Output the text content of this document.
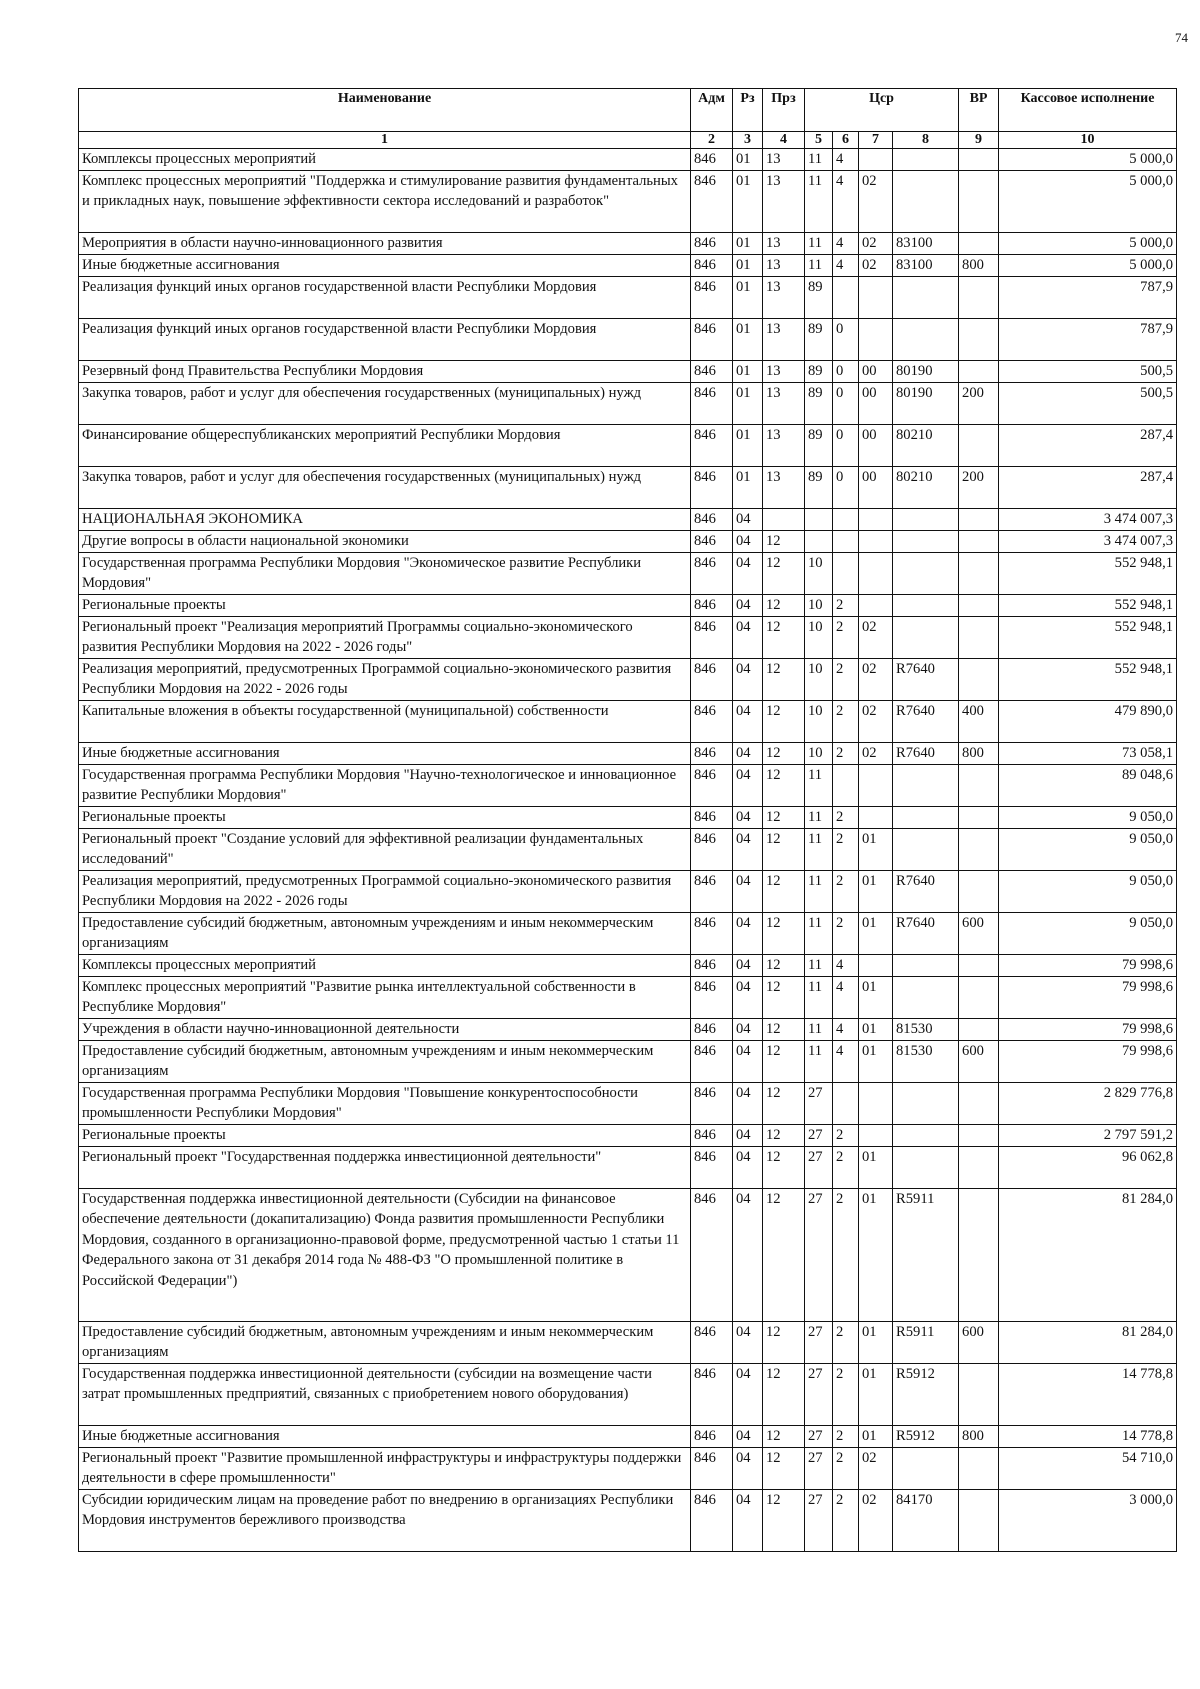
74
Наименование	Адм	Рз	Прз	Цср				ВР	Кассовое исполнение
1	2	3	4	5	6	7	8	9	10
Комплексы процессных мероприятий	846	01	13	11	4				5 000,0
Комплекс процессных мероприятий "Поддержка и стимулирование развития фундаментальных и прикладных наук, повышение эффективности сектора исследований и разработок"	846	01	13	11	4	02			5 000,0
Мероприятия в области научно-инновационного развития	846	01	13	11	4	02	83100		5 000,0
Иные бюджетные ассигнования	846	01	13	11	4	02	83100	800	5 000,0
Реализация функций иных органов государственной власти Республики Мордовия	846	01	13	89					787,9
Реализация функций иных органов государственной власти Республики Мордовия	846	01	13	89	0				787,9
Резервный фонд Правительства Республики Мордовия	846	01	13	89	0	00	80190		500,5
Закупка товаров, работ и услуг для обеспечения государственных (муниципальных) нужд	846	01	13	89	0	00	80190	200	500,5
Финансирование общереспубликанских мероприятий Республики Мордовия	846	01	13	89	0	00	80210		287,4
Закупка товаров, работ и услуг для обеспечения государственных (муниципальных) нужд	846	01	13	89	0	00	80210	200	287,4
НАЦИОНАЛЬНАЯ ЭКОНОМИКА	846	04							3 474 007,3
Другие вопросы в области национальной экономики	846	04	12						3 474 007,3
Государственная программа Республики Мордовия "Экономическое развитие Республики Мордовия"	846	04	12	10					552 948,1
Региональные проекты	846	04	12	10	2				552 948,1
Региональный проект "Реализация мероприятий Программы социально-экономического развития Республики Мордовия на 2022 - 2026 годы"	846	04	12	10	2	02			552 948,1
Реализация мероприятий, предусмотренных Программой социально-экономического развития Республики Мордовия на 2022 - 2026 годы	846	04	12	10	2	02	R7640		552 948,1
Капитальные вложения в объекты государственной (муниципальной) собственности	846	04	12	10	2	02	R7640	400	479 890,0
Иные бюджетные ассигнования	846	04	12	10	2	02	R7640	800	73 058,1
Государственная программа Республики Мордовия "Научно-технологическое и инновационное развитие Республики Мордовия"	846	04	12	11					89 048,6
Региональные проекты	846	04	12	11	2				9 050,0
Региональный проект "Создание условий для эффективной реализации фундаментальных исследований"	846	04	12	11	2	01			9 050,0
Реализация мероприятий, предусмотренных Программой социально-экономического развития Республики Мордовия на 2022 - 2026 годы	846	04	12	11	2	01	R7640		9 050,0
Предоставление субсидий бюджетным, автономным учреждениям и иным некоммерческим организациям	846	04	12	11	2	01	R7640	600	9 050,0
Комплексы процессных мероприятий	846	04	12	11	4				79 998,6
Комплекс процессных мероприятий "Развитие рынка интеллектуальной собственности в Республике Мордовия"	846	04	12	11	4	01			79 998,6
Учреждения в области научно-инновационной деятельности	846	04	12	11	4	01	81530		79 998,6
Предоставление субсидий бюджетным, автономным учреждениям и иным некоммерческим организациям	846	04	12	11	4	01	81530	600	79 998,6
Государственная программа Республики Мордовия "Повышение конкурентоспособности промышленности Республики Мордовия"	846	04	12	27					2 829 776,8
Региональные проекты	846	04	12	27	2				2 797 591,2
Региональный проект "Государственная поддержка инвестиционной деятельности"	846	04	12	27	2	01			96 062,8
Государственная поддержка инвестиционной деятельности (Субсидии на финансовое обеспечение деятельности (докапитализацию) Фонда развития промышленности Республики Мордовия, созданного в организационно-правовой форме, предусмотренной частью 1 статьи 11 Федерального закона от 31 декабря 2014 года № 488-ФЗ "О промышленной политике в Российской Федерации")	846	04	12	27	2	01	R5911		81 284,0
Предоставление субсидий бюджетным, автономным учреждениям и иным некоммерческим организациям	846	04	12	27	2	01	R5911	600	81 284,0
Государственная поддержка инвестиционной деятельности (субсидии на возмещение части затрат промышленных предприятий, связанных с приобретением нового оборудования)	846	04	12	27	2	01	R5912		14 778,8
Иные бюджетные ассигнования	846	04	12	27	2	01	R5912	800	14 778,8
Региональный проект "Развитие промышленной инфраструктуры и инфраструктуры поддержки деятельности в сфере промышленности"	846	04	12	27	2	02			54 710,0
Субсидии юридическим лицам на проведение работ по внедрению в организациях Республики Мордовия инструментов бережливого производства	846	04	12	27	2	02	84170		3 000,0
